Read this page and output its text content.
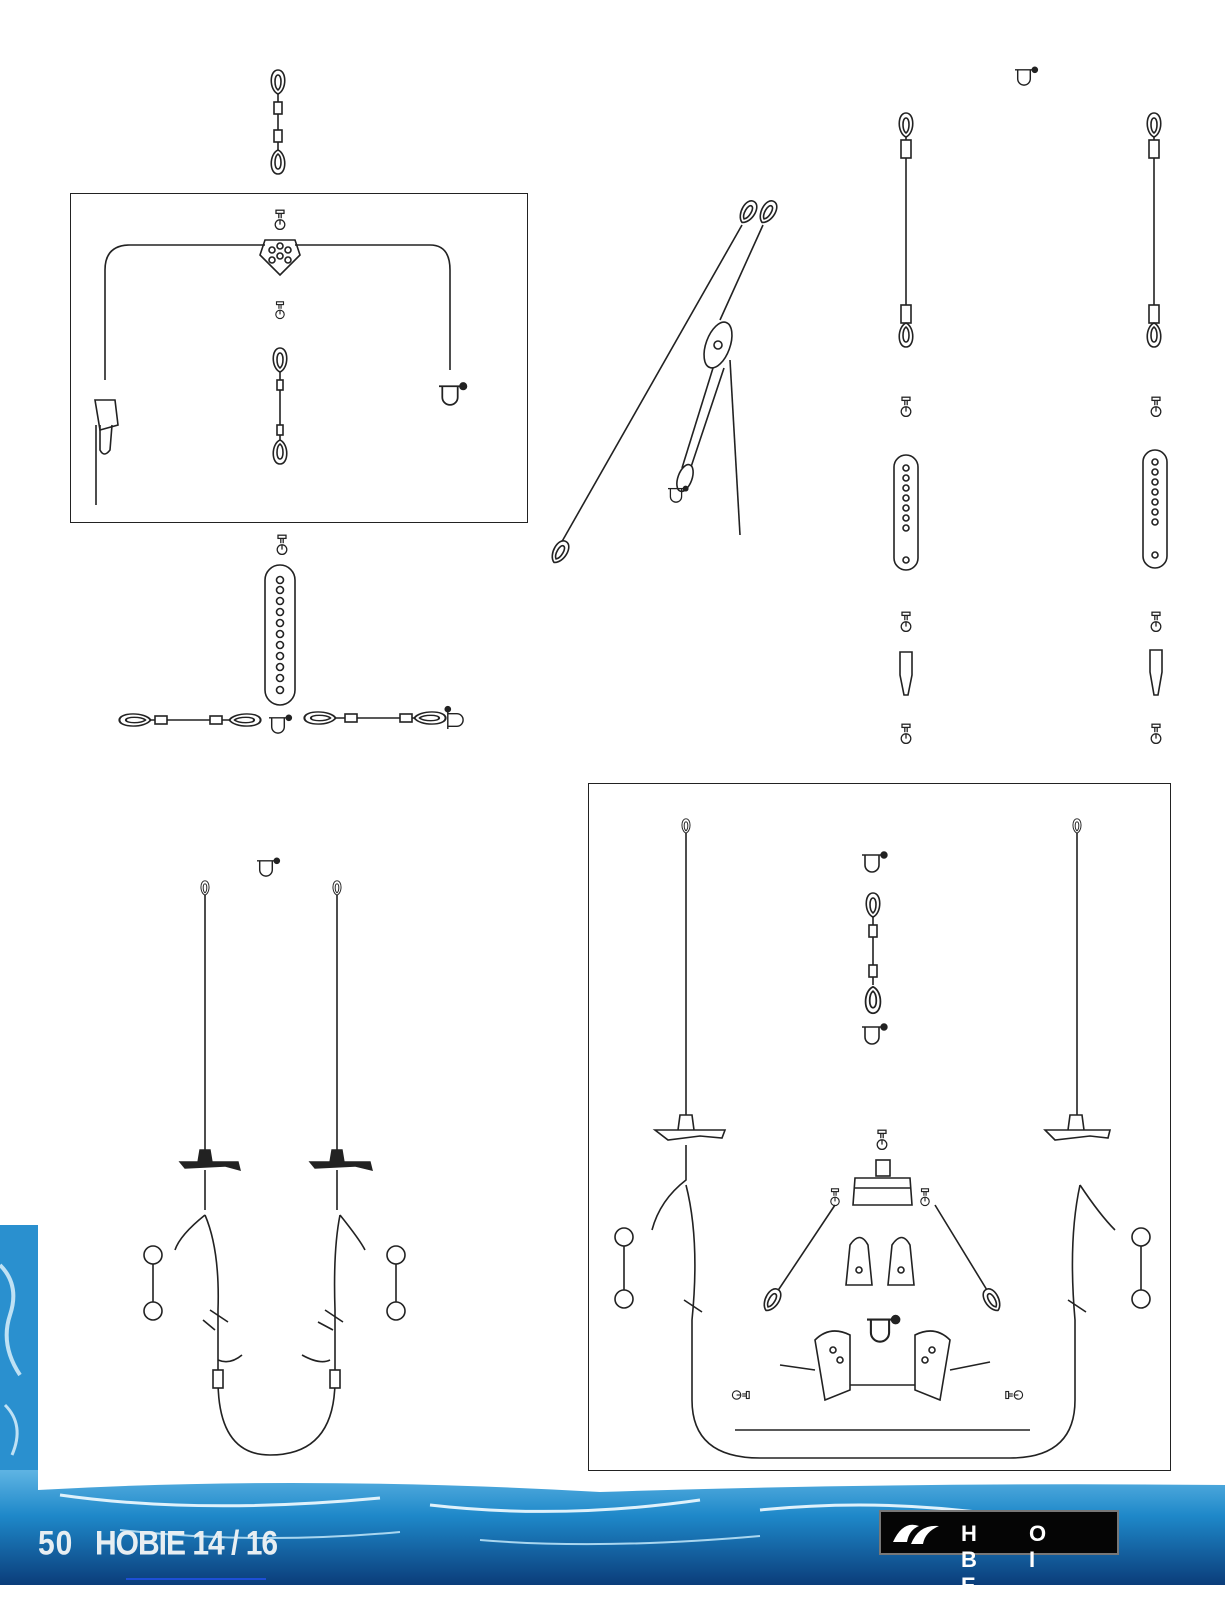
50 HOBIE 14 / 16	H O B I E
